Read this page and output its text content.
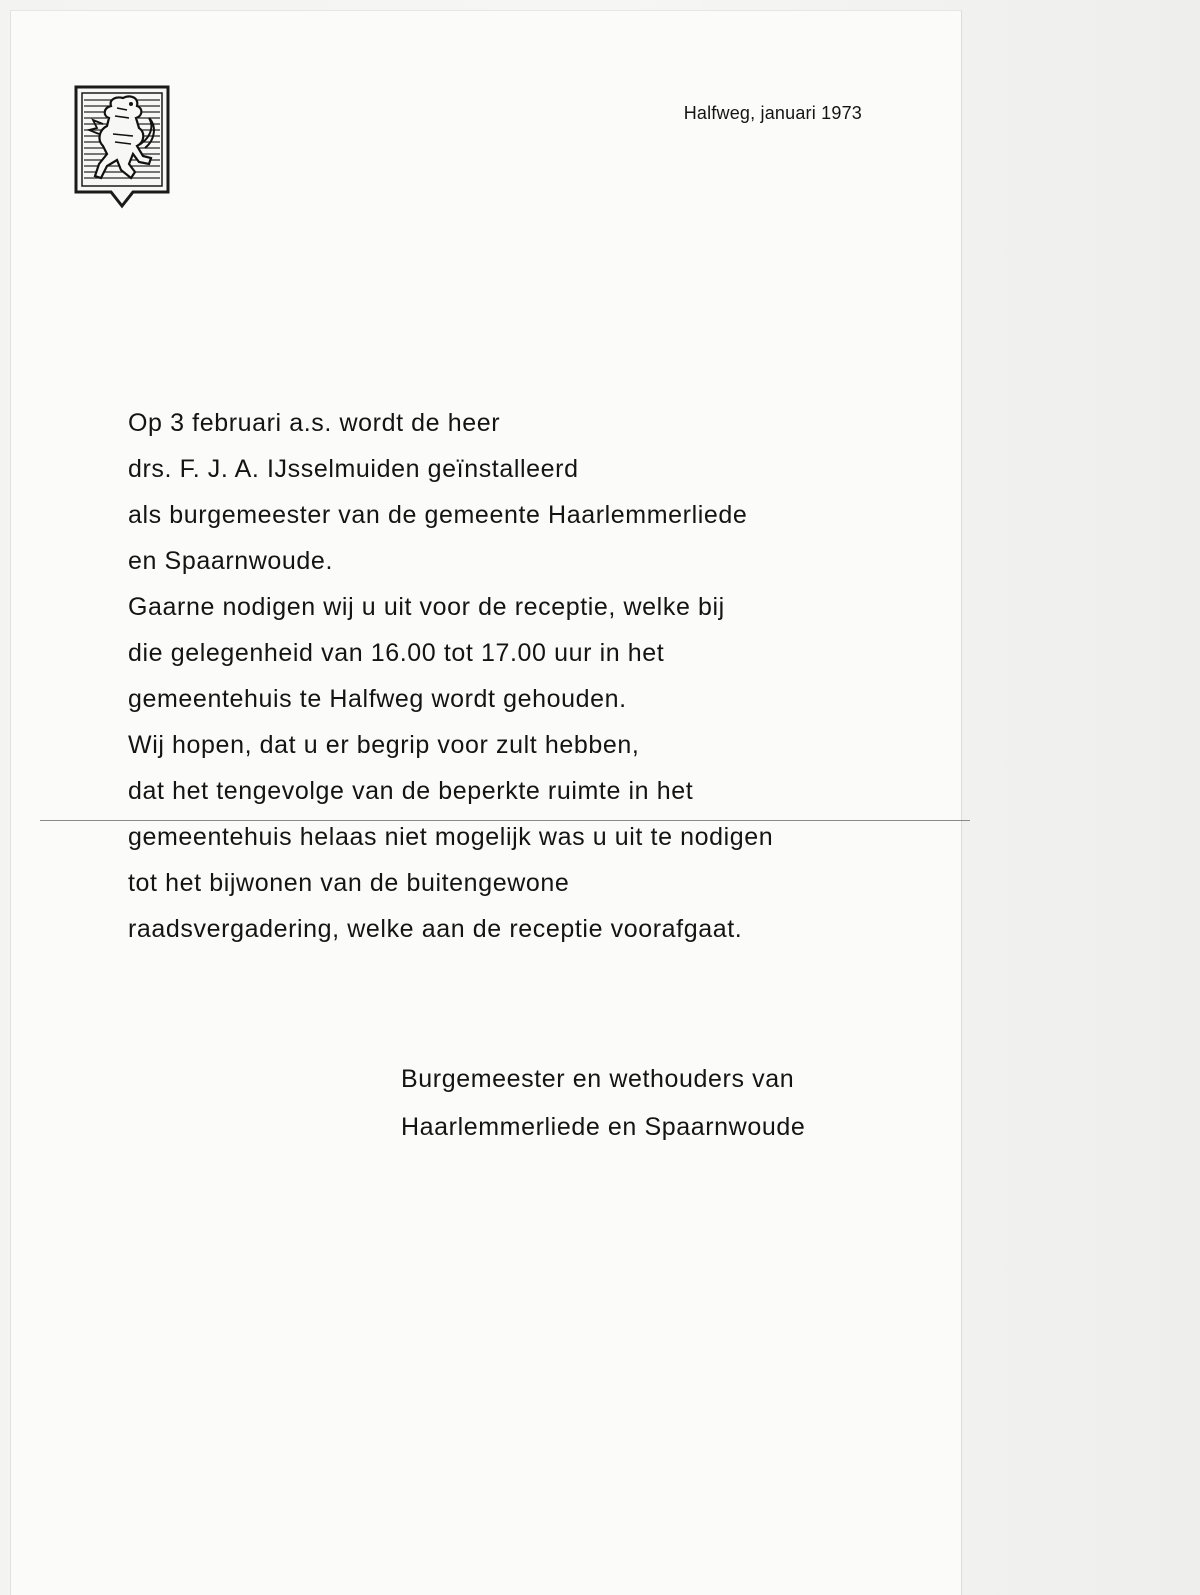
Halfweg, januari 1973
Op 3 februari a.s. wordt de heer
drs. F. J. A. IJsselmuiden geïnstalleerd
als burgemeester van de gemeente Haarlemmerliede
en Spaarnwoude.
Gaarne nodigen wij u uit voor de receptie, welke bij
die gelegenheid van 16.00 tot 17.00 uur in het
gemeentehuis te Halfweg wordt gehouden.
Wij hopen, dat u er begrip voor zult hebben,
dat het tengevolge van de beperkte ruimte in het
gemeentehuis helaas niet mogelijk was u uit te nodigen
tot het bijwonen van de buitengewone
raadsvergadering, welke aan de receptie voorafgaat.
Burgemeester en wethouders van
Haarlemmerliede en Spaarnwoude
